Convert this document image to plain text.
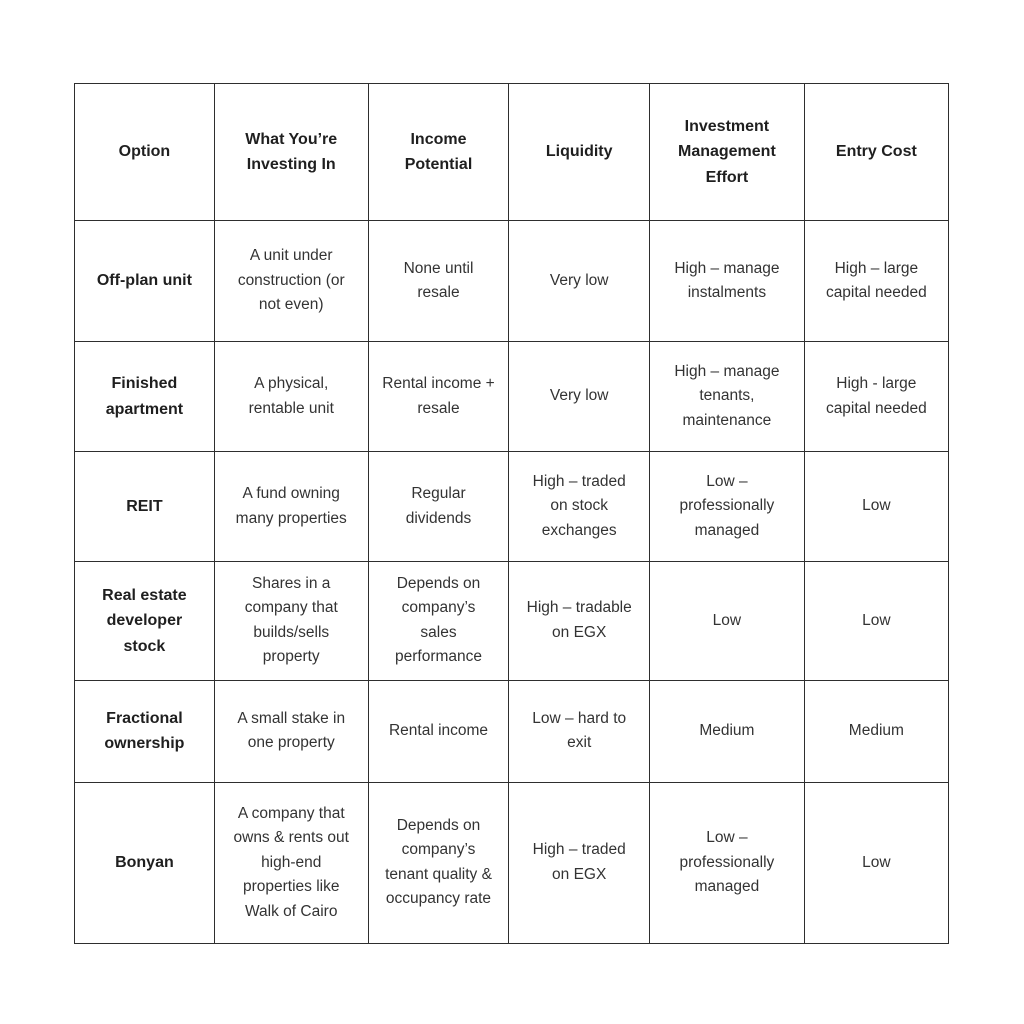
Option	What You’re Investing In	Income Potential	Liquidity	Investment Management Effort	Entry Cost
Off-plan unit	A unit under construction (or not even)	None until resale	Very low	High – manage instalments	High – large capital needed
Finished apartment	A physical, rentable unit	Rental income + resale	Very low	High – manage tenants, maintenance	High - large capital needed
REIT	A fund owning many properties	Regular dividends	High – traded on stock exchanges	Low – professionally managed	Low
Real estate developer stock	Shares in a company that builds/sells property	Depends on company’s sales performance	High – tradable on EGX	Low	Low
Fractional ownership	A small stake in one property	Rental income	Low – hard to exit	Medium	Medium
Bonyan	A company that owns & rents out high-end properties like Walk of Cairo	Depends on company’s tenant quality & occupancy rate	High – traded on EGX	Low – professionally managed	Low
